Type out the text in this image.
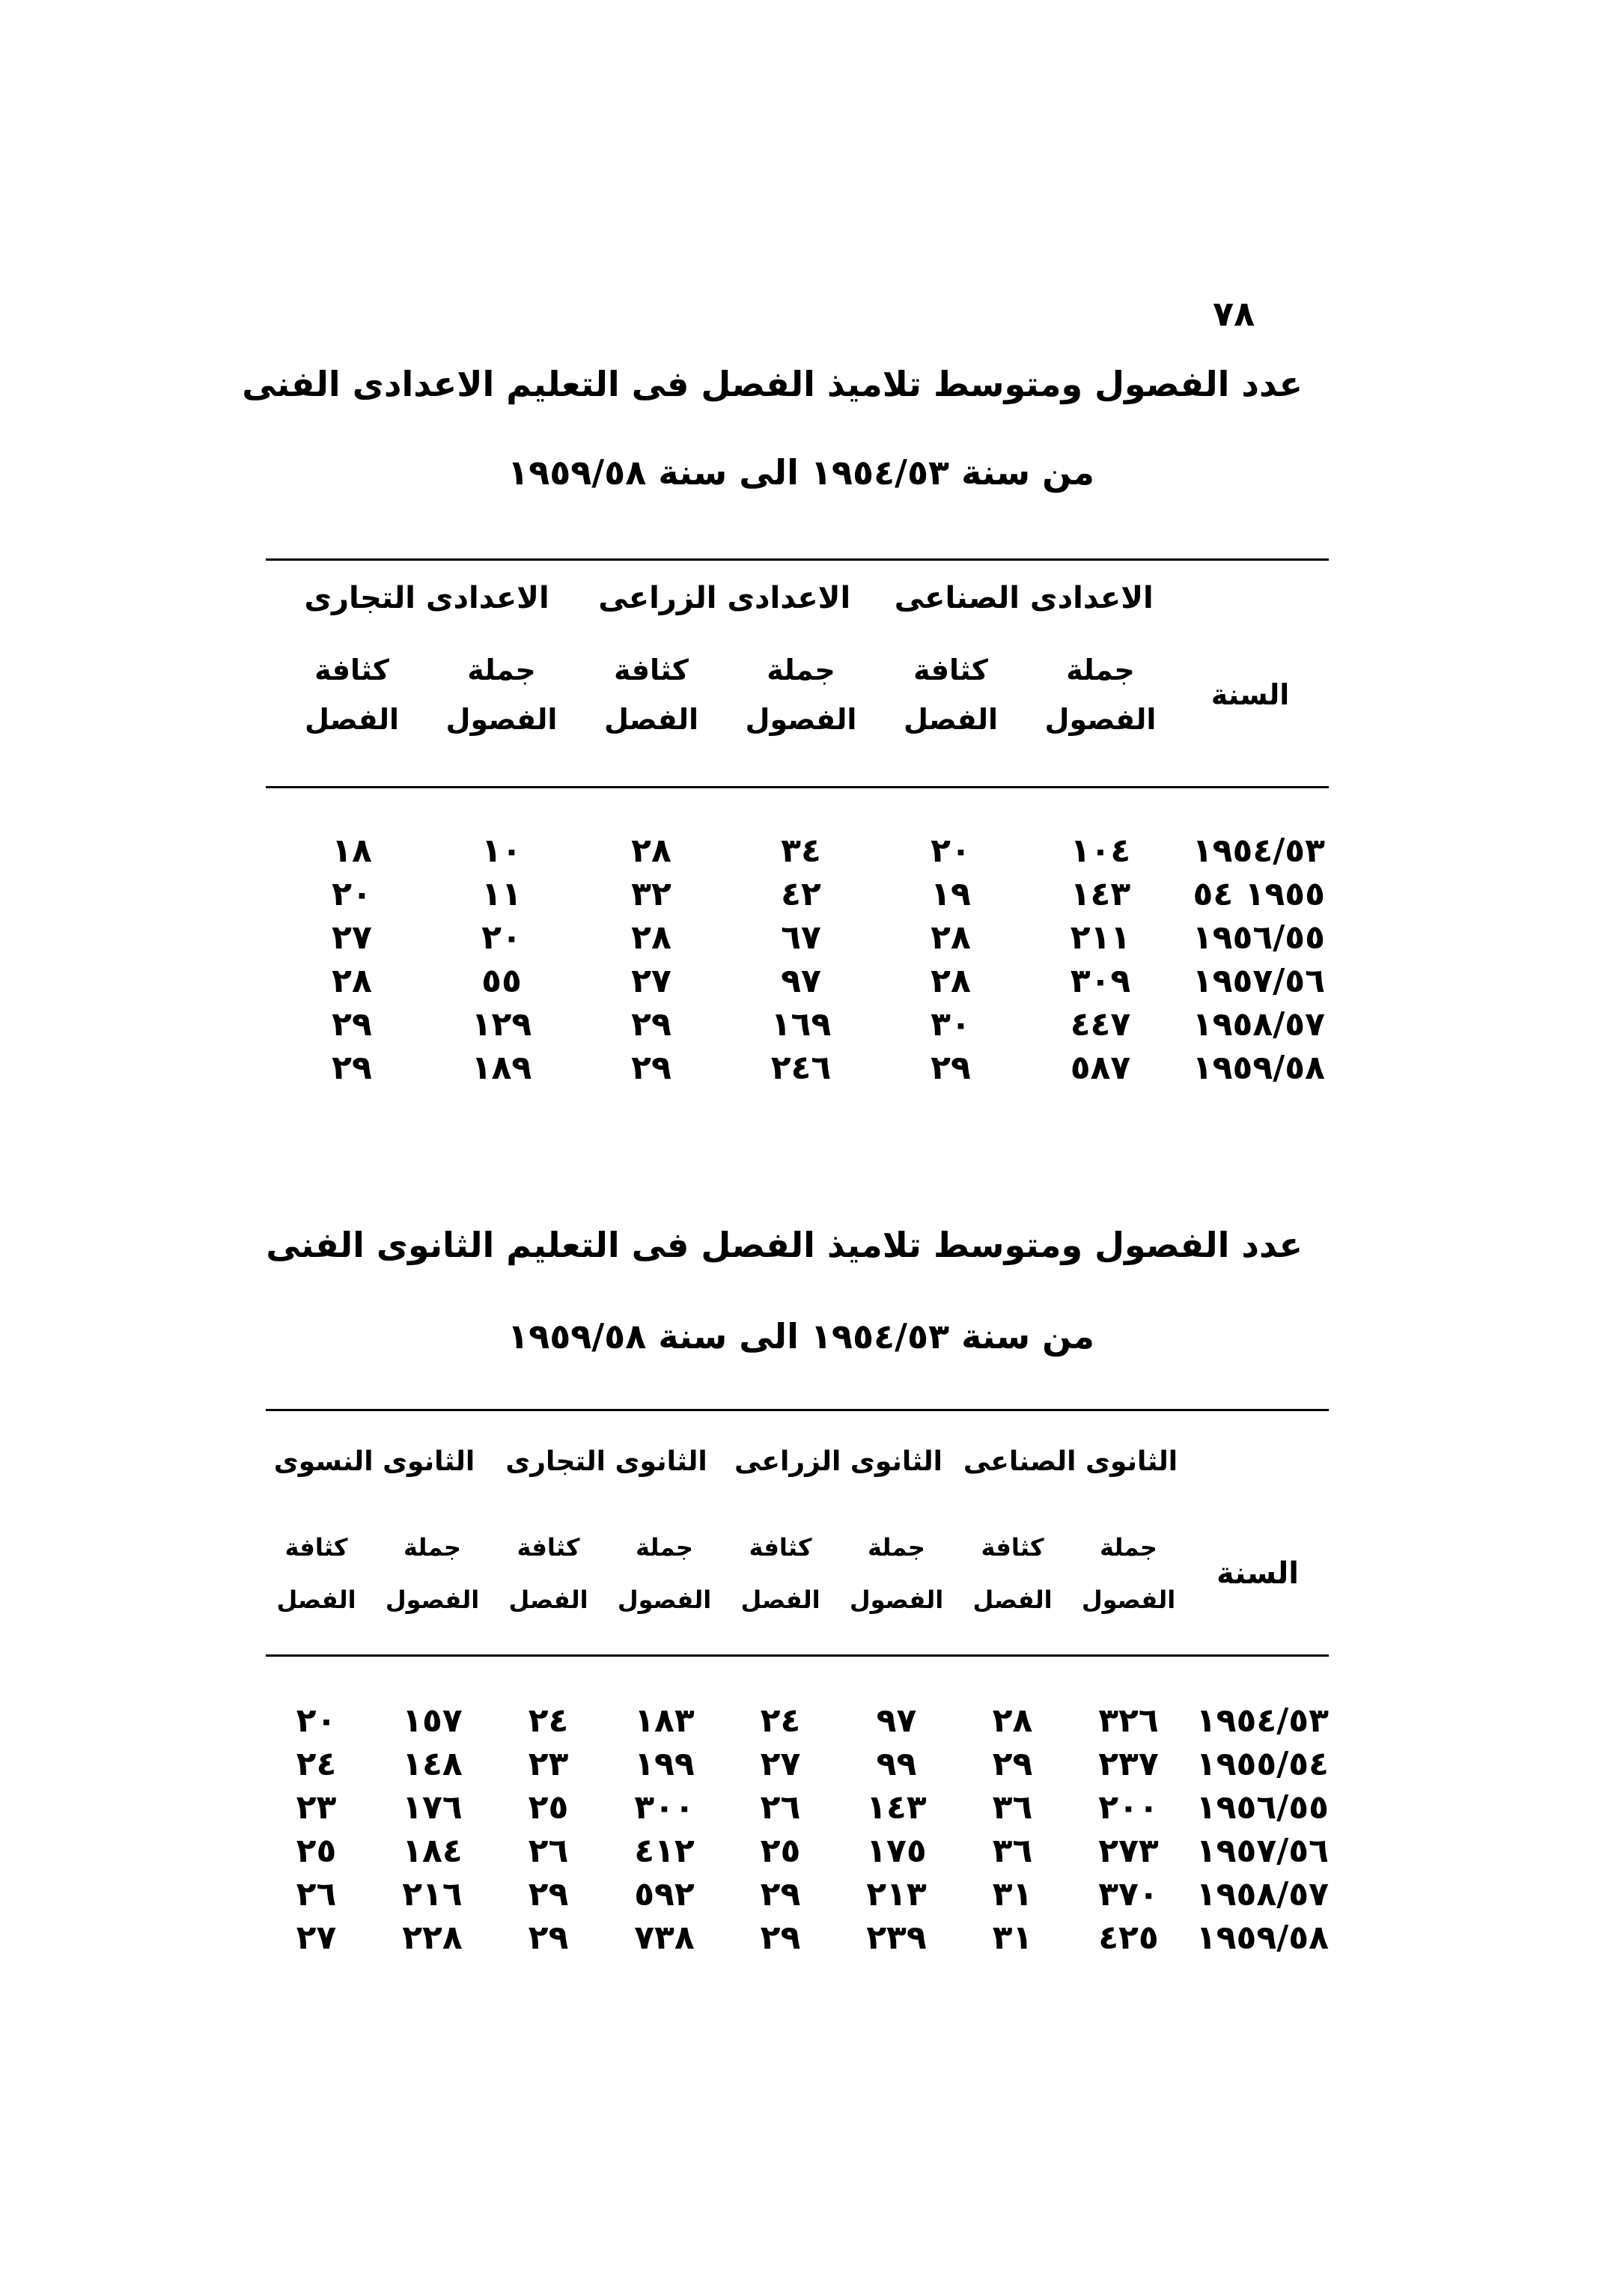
٧٨
عدد الفصول ومتوسط تلاميذ الفصل فى التعليم الاعدادى الفنى
من سنة ١٩٥٤/٥٣ الى سنة ١٩٥٩/٥٨
الاعدادى الصناعى
الاعدادى الزراعى
الاعدادى التجارى
السنة
جملة الفصول
كثافة الفصل
جملة الفصول
كثافة الفصل
جملة الفصول
كثافة الفصل
١٩٥٤/٥٣
١٠٤
٢٠
٣٤
٢٨
١٠
١٨
١٩٥٥ ٥٤
١٤٣
١٩
٤٢
٣٢
١١
٢٠
١٩٥٦/٥٥
٢١١
٢٨
٦٧
٢٨
٢٠
٢٧
١٩٥٧/٥٦
٣٠٩
٢٨
٩٧
٢٧
٥٥
٢٨
١٩٥٨/٥٧
٤٤٧
٣٠
١٦٩
٢٩
١٢٩
٢٩
١٩٥٩/٥٨
٥٨٧
٢٩
٢٤٦
٢٩
١٨٩
٢٩
عدد الفصول ومتوسط تلاميذ الفصل فى التعليم الثانوى الفنى
من سنة ١٩٥٤/٥٣ الى سنة ١٩٥٩/٥٨
الثانوى الصناعى
الثانوى الزراعى
الثانوى التجارى
الثانوى النسوى
السنة
جملة الفصول
كثافة الفصل
جملة الفصول
كثافة الفصل
جملة الفصول
كثافة الفصل
جملة الفصول
كثافة الفصل
١٩٥٤/٥٣
٣٢٦
٢٨
٩٧
٢٤
١٨٣
٢٤
١٥٧
٢٠
١٩٥٥/٥٤
٢٣٧
٢٩
٩٩
٢٧
١٩٩
٢٣
١٤٨
٢٤
١٩٥٦/٥٥
٢٠٠
٣٦
١٤٣
٢٦
٣٠٠
٢٥
١٧٦
٢٣
١٩٥٧/٥٦
٢٧٣
٣٦
١٧٥
٢٥
٤١٢
٢٦
١٨٤
٢٥
١٩٥٨/٥٧
٣٧٠
٣١
٢١٣
٢٩
٥٩٢
٢٩
٢١٦
٢٦
١٩٥٩/٥٨
٤٢٥
٣١
٢٣٩
٢٩
٧٣٨
٢٩
٢٢٨
٢٧
